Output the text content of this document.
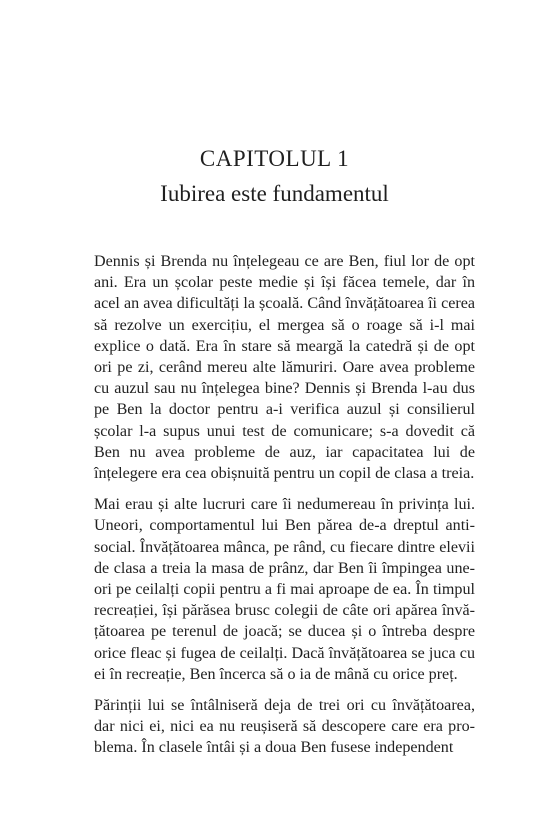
CAPITOLUL 1
Iubirea este fundamentul

Dennis și Brenda nu înțelegeau ce are Ben, fiul lor de opt ani. Era un școlar peste medie și își făcea temele, dar în acel an avea dificultăți la școală. Când învățătoarea îi cerea să rezolve un exercițiu, el mergea să o roage să i-l mai explice o dată. Era în stare să meargă la catedră și de opt ori pe zi, cerând mereu alte lămuriri. Oare avea probleme cu auzul sau nu înțelegea bine? Dennis și Brenda l-au dus pe Ben la doctor pentru a-i verifica auzul și consilierul școlar l-a supus unui test de comunicare; s-a dovedit că Ben nu avea probleme de auz, iar capacitatea lui de înțelegere era cea obișnuită pentru un copil de clasa a treia.

Mai erau și alte lucruri care îi nedumereau în privința lui. Uneori, comportamentul lui Ben părea de-a dreptul anti-social. Învățătoarea mânca, pe rând, cu fiecare dintre elevii de clasa a treia la masa de prânz, dar Ben îi împingea une-ori pe ceilalți copii pentru a fi mai aproape de ea. În timpul recreației, își părăsea brusc colegii de câte ori apărea învă-țătoarea pe terenul de joacă; se ducea și o întreba despre orice fleac și fugea de ceilalți. Dacă învățătoarea se juca cu ei în recreație, Ben încerca să o ia de mână cu orice preț.

Părinții lui se întâlniseră deja de trei ori cu învățătoarea, dar nici ei, nici ea nu reușiseră să descopere care era pro-blema. În clasele întâi și a doua Ben fusese independent
